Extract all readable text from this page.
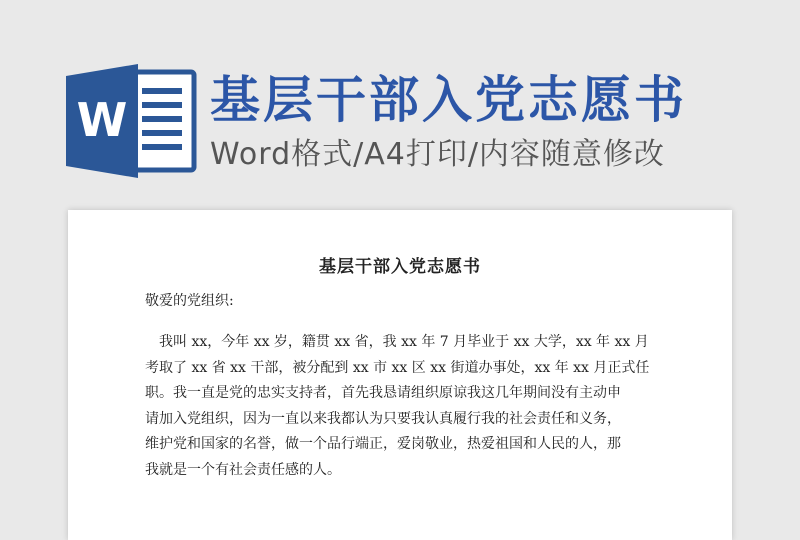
W 基层干部入党志愿书
Word格式/A4打印/内容随意修改
基层干部入党志愿书
敬爱的党组织:
　我叫 xx，今年 xx 岁，籍贯 xx 省，我 xx 年 7 月毕业于 xx 大学，xx 年 xx 月
考取了 xx 省 xx 干部，被分配到 xx 市 xx 区 xx 街道办事处，xx 年 xx 月正式任
职。我一直是党的忠实支持者，首先我恳请组织原谅我这几年期间没有主动申
请加入党组织，因为一直以来我都认为只要我认真履行我的社会责任和义务，
维护党和国家的名誉，做一个品行端正，爱岗敬业，热爱祖国和人民的人，那
我就是一个有社会责任感的人。
